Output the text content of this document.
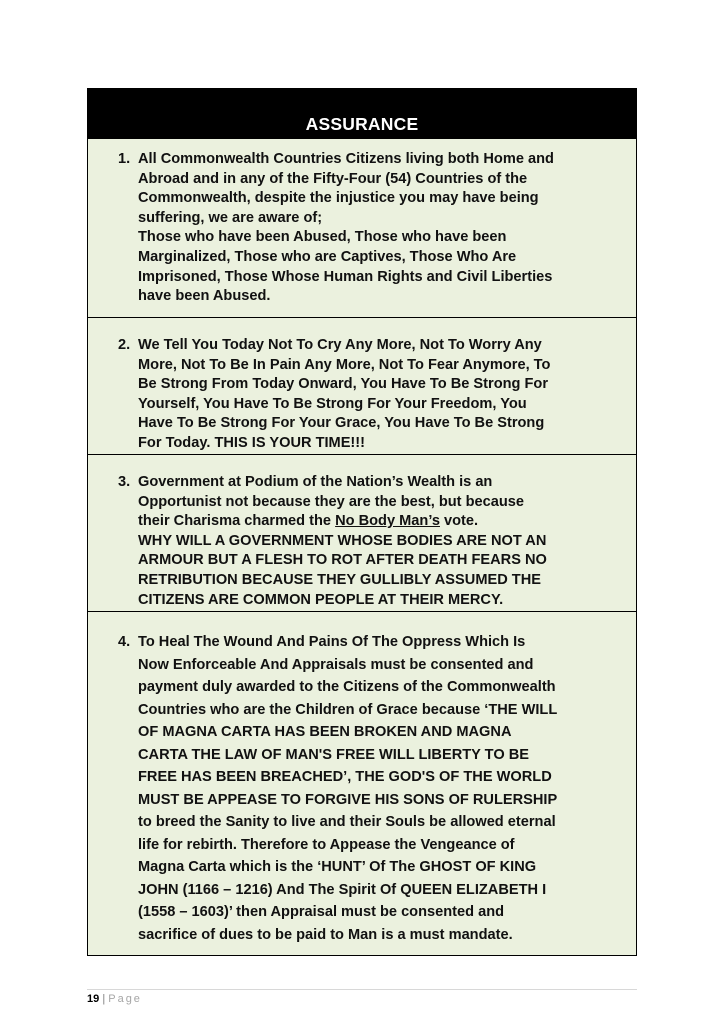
ASSURANCE
1. All Commonwealth Countries Citizens living both Home and
Abroad and in any of the Fifty-Four (54) Countries of the
Commonwealth, despite the injustice you may have being
suffering, we are aware of;
Those who have been Abused, Those who have been
Marginalized, Those who are Captives, Those Who Are
Imprisoned, Those Whose Human Rights and Civil Liberties
have been Abused.
2. We Tell You Today Not To Cry Any More, Not To Worry Any
More, Not To Be In Pain Any More, Not To Fear Anymore, To
Be Strong From Today Onward, You Have To Be Strong For
Yourself, You Have To Be Strong For Your Freedom, You
Have To Be Strong For Your Grace, You Have To Be Strong
For Today. THIS IS YOUR TIME!!!
3. Government at Podium of the Nation’s Wealth is an
Opportunist not because they are the best, but because
their Charisma charmed the No Body Man’s vote.
WHY WILL A GOVERNMENT WHOSE BODIES ARE NOT AN
ARMOUR BUT A FLESH TO ROT AFTER DEATH FEARS NO
RETRIBUTION BECAUSE THEY GULLIBLY ASSUMED THE
CITIZENS ARE COMMON PEOPLE AT THEIR MERCY.
4. To Heal The Wound And Pains Of The Oppress Which Is
Now Enforceable And Appraisals must be consented and
payment duly awarded to the Citizens of the Commonwealth
Countries who are the Children of Grace because ‘THE WILL
OF MAGNA CARTA HAS BEEN BROKEN AND MAGNA
CARTA THE LAW OF MAN'S FREE WILL LIBERTY TO BE
FREE HAS BEEN BREACHED’, THE GOD'S OF THE WORLD
MUST BE APPEASE TO FORGIVE HIS SONS OF RULERSHIP
to breed the Sanity to live and their Souls be allowed eternal
life for rebirth. Therefore to Appease the Vengeance of
Magna Carta which is the ‘HUNT’ Of The GHOST OF KING
JOHN (1166 – 1216) And The Spirit Of QUEEN ELIZABETH I
(1558 – 1603)’ then Appraisal must be consented and
sacrifice of dues to be paid to Man is a must mandate.
19 | Page
